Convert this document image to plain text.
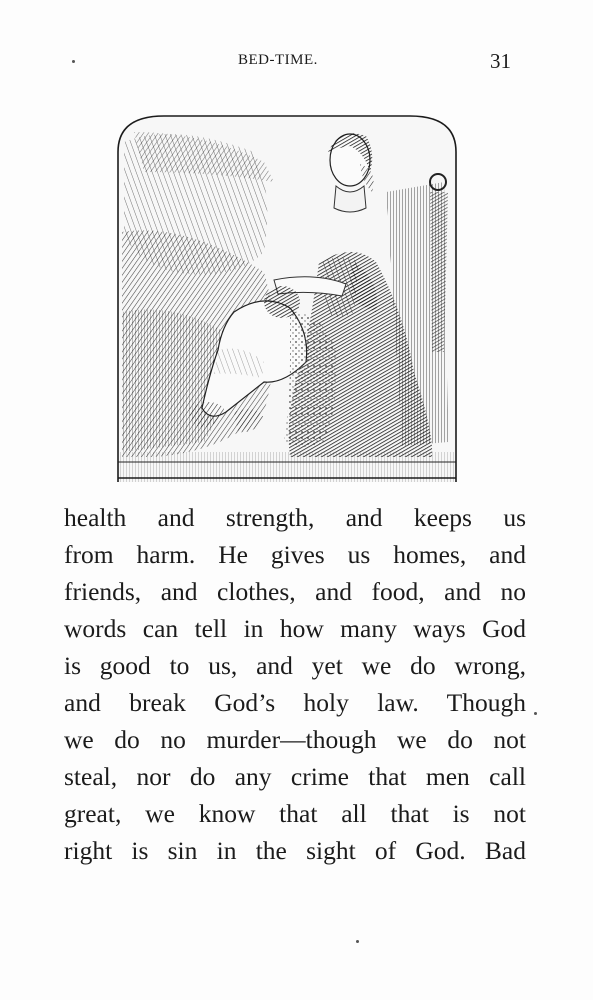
BED-TIME.	31
health and strength, and keeps us
from harm. He gives us homes, and
friends, and clothes, and food, and no
words can tell in how many ways God
is good to us, and yet we do wrong,
and break God’s holy law. Though
we do no murder—though we do not
steal, nor do any crime that men call
great, we know that all that is not
right is sin in the sight of God. Bad
